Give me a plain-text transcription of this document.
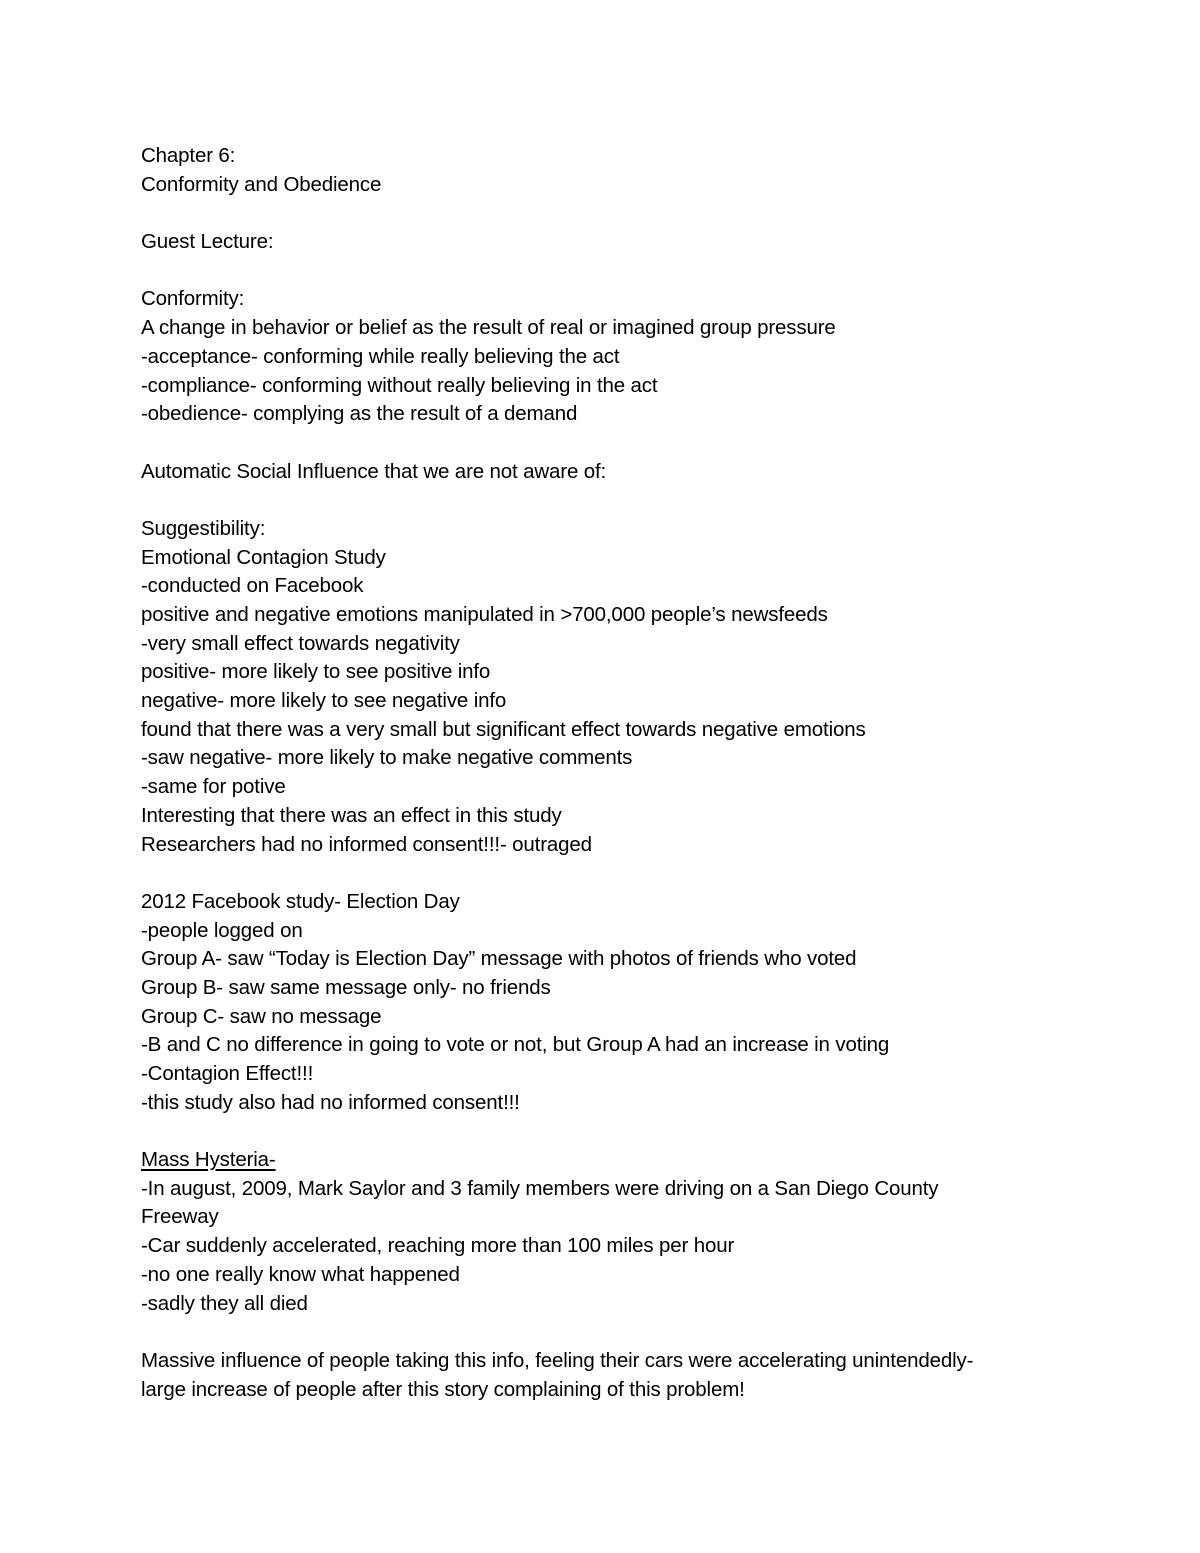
Chapter 6:
Conformity and Obedience
Guest Lecture:
Conformity:
A change in behavior or belief as the result of real or imagined group pressure
-acceptance- conforming while really believing the act
-compliance- conforming without really believing in the act
-obedience- complying as the result of a demand
Automatic Social Influence that we are not aware of:
Suggestibility:
Emotional Contagion Study
-conducted on Facebook
positive and negative emotions manipulated in >700,000 people’s newsfeeds
-very small effect towards negativity
positive- more likely to see positive info
negative- more likely to see negative info
found that there was a very small but significant effect towards negative emotions
-saw negative- more likely to make negative comments
-same for potive
Interesting that there was an effect in this study
Researchers had no informed consent!!!- outraged
2012 Facebook study- Election Day
-people logged on
Group A- saw “Today is Election Day” message with photos of friends who voted
Group B- saw same message only- no friends
Group C- saw no message
-B and C no difference in going to vote or not, but Group A had an increase in voting
-Contagion Effect!!!
-this study also had no informed consent!!!
Mass Hysteria-
-In august, 2009, Mark Saylor and 3 family members were driving on a San Diego County
Freeway
-Car suddenly accelerated, reaching more than 100 miles per hour
-no one really know what happened
-sadly they all died
Massive influence of people taking this info, feeling their cars were accelerating unintendedly-
large increase of people after this story complaining of this problem!
